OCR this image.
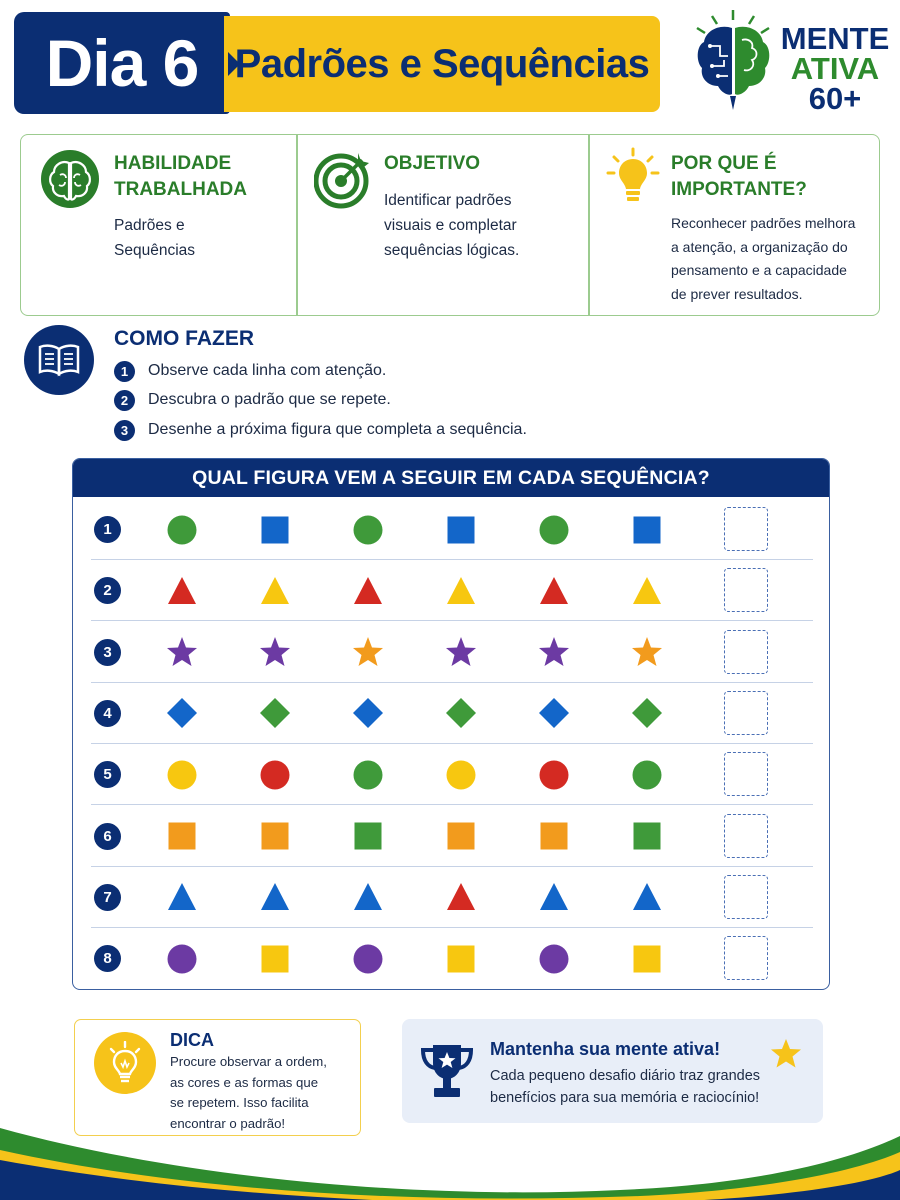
Dia 6 Padrões e Sequências
MENTE
ATIVA
60+
HABILIDADE
TRABALHADA
Padrões e
Sequências
OBJETIVO
Identificar padrões
visuais e completar
sequências lógicas.
POR QUE É
IMPORTANTE?
Reconhecer padrões melhora
a atenção, a organização do
pensamento e a capacidade
de prever resultados.
COMO FAZER
1	Observe cada linha com atenção.
2	Descubra o padrão que se repete.
3	Desenhe a próxima figura que completa a sequência.
QUAL FIGURA VEM A SEGUIR EM CADA SEQUÊNCIA?
1
2
3
4
5
6
7
8
DICA
Procure observar a ordem,
as cores e as formas que
se repetem. Isso facilita
encontrar o padrão!
Mantenha sua mente ativa!
Cada pequeno desafio diário traz grandes
benefícios para sua memória e raciocínio!
